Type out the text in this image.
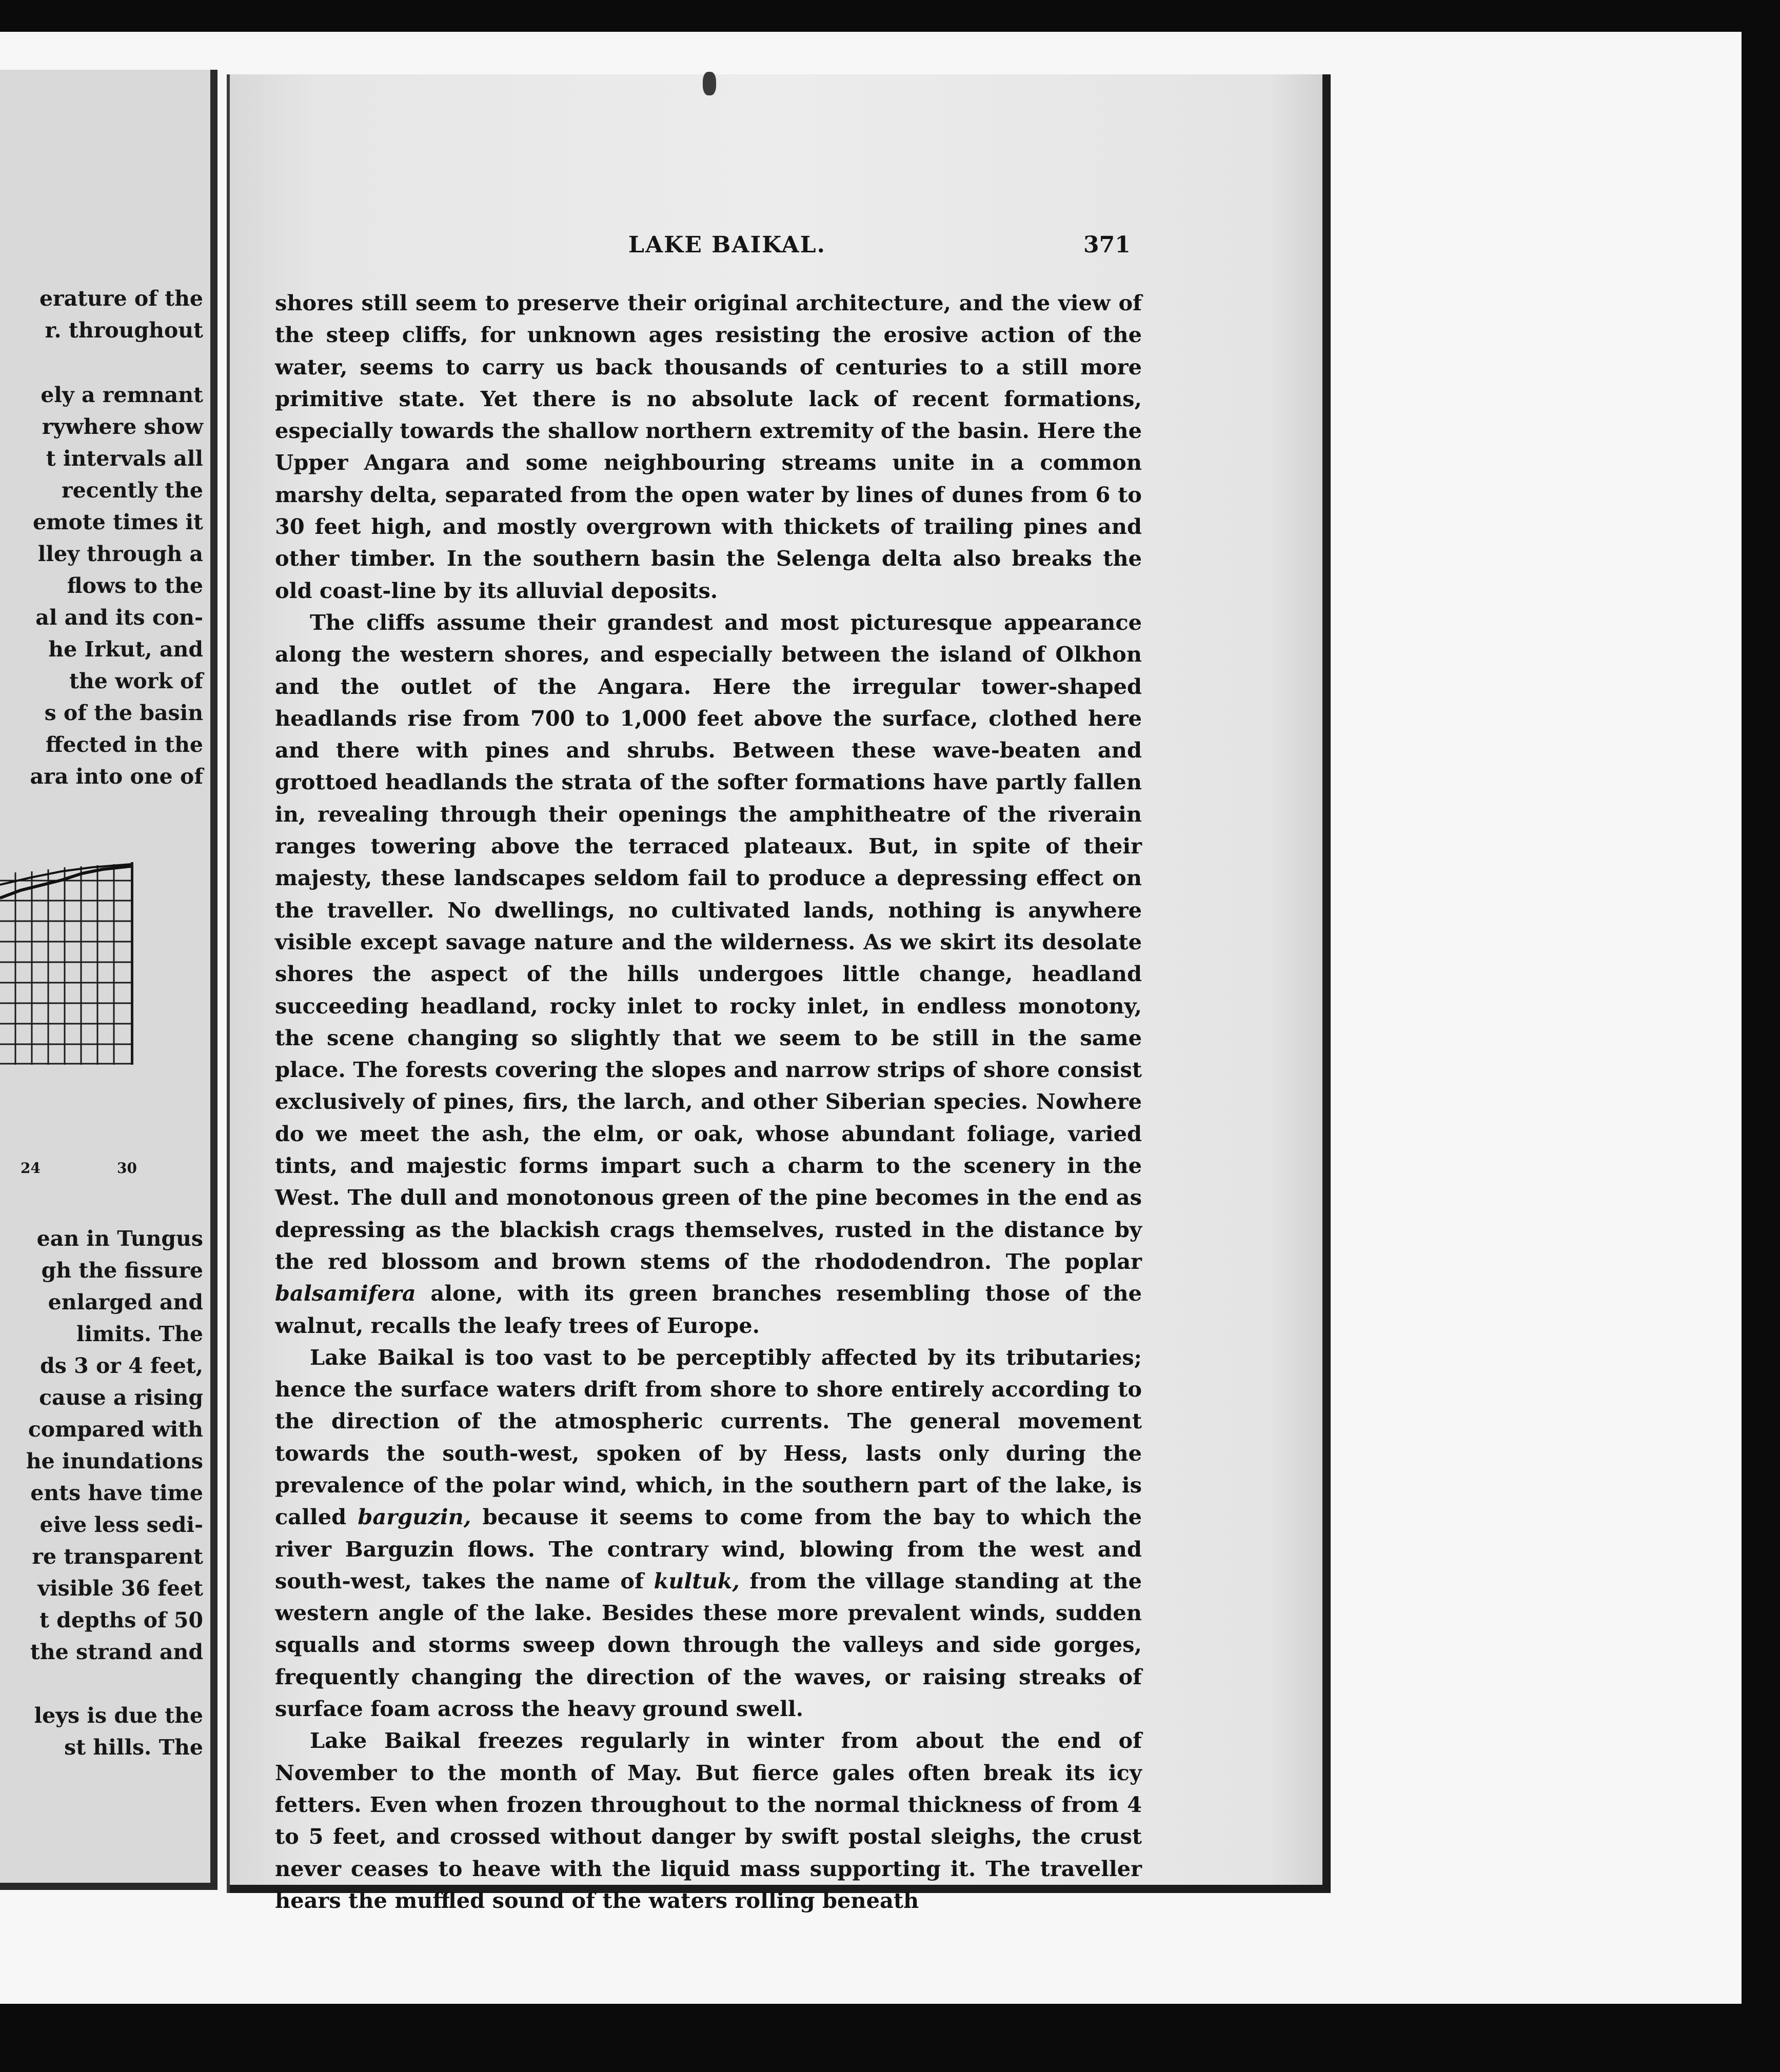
erature of the
r. throughout
ely a remnant
rywhere show
t intervals all
recently the
emote times it
lley through a
flows to the
al and its con-
he Irkut, and
the work of
s of the basin
ffected in the
ara into one of
24	30
ean in Tungus
gh the fissure
enlarged and
limits. The
ds 3 or 4 feet,
cause a rising
compared with
he inundations
ents have time
eive less sedi-
re transparent
visible 36 feet
t depths of 50
the strand and
leys is due the
st hills. The
LAKE BAIKAL.	371

shores still seem to preserve their original architecture, and the view of the steep cliffs, for unknown ages resisting the erosive action of the water, seems to carry us back thousands of centuries to a still more primitive state. Yet there is no absolute lack of recent formations, especially towards the shallow northern extremity of the basin. Here the Upper Angara and some neighbouring streams unite in a common marshy delta, separated from the open water by lines of dunes from 6 to 30 feet high, and mostly overgrown with thickets of trailing pines and other timber. In the southern basin the Selenga delta also breaks the old coast-line by its alluvial deposits.

The cliffs assume their grandest and most picturesque appearance along the western shores, and especially between the island of Olkhon and the outlet of the Angara. Here the irregular tower-shaped headlands rise from 700 to 1,000 feet above the surface, clothed here and there with pines and shrubs. Between these wave-beaten and grottoed headlands the strata of the softer formations have partly fallen in, revealing through their openings the amphitheatre of the riverain ranges towering above the terraced plateaux. But, in spite of their majesty, these landscapes seldom fail to produce a depressing effect on the traveller. No dwellings, no cultivated lands, nothing is anywhere visible except savage nature and the wilderness. As we skirt its desolate shores the aspect of the hills undergoes little change, headland succeeding headland, rocky inlet to rocky inlet, in endless monotony, the scene changing so slightly that we seem to be still in the same place. The forests covering the slopes and narrow strips of shore consist exclusively of pines, firs, the larch, and other Siberian species. Nowhere do we meet the ash, the elm, or oak, whose abundant foliage, varied tints, and majestic forms impart such a charm to the scenery in the West. The dull and monotonous green of the pine becomes in the end as depressing as the blackish crags themselves, rusted in the distance by the red blossom and brown stems of the rhododendron. The poplar balsamifera alone, with its green branches resembling those of the walnut, recalls the leafy trees of Europe.

Lake Baikal is too vast to be perceptibly affected by its tributaries; hence the surface waters drift from shore to shore entirely according to the direction of the atmospheric currents. The general movement towards the south-west, spoken of by Hess, lasts only during the prevalence of the polar wind, which, in the southern part of the lake, is called barguzin, because it seems to come from the bay to which the river Barguzin flows. The contrary wind, blowing from the west and south-west, takes the name of kultuk, from the village standing at the western angle of the lake. Besides these more prevalent winds, sudden squalls and storms sweep down through the valleys and side gorges, frequently changing the direction of the waves, or raising streaks of surface foam across the heavy ground swell.

Lake Baikal freezes regularly in winter from about the end of November to the month of May. But fierce gales often break its icy fetters. Even when frozen throughout to the normal thickness of from 4 to 5 feet, and crossed without danger by swift postal sleighs, the crust never ceases to heave with the liquid mass supporting it. The traveller hears the muffled sound of the waters rolling beneath
